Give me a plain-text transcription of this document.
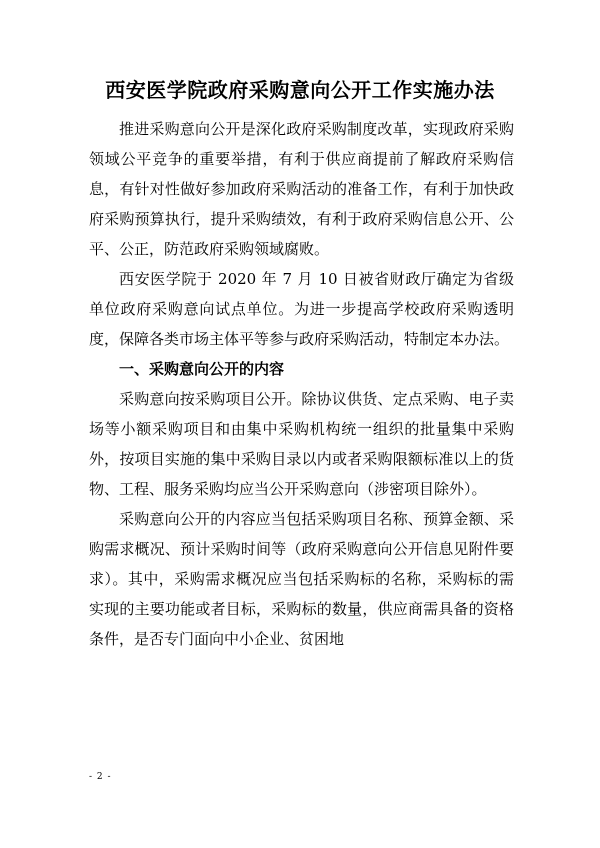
西安医学院政府采购意向公开工作实施办法

推进采购意向公开是深化政府采购制度改革，实现政府采购领域公平竞争的重要举措，有利于供应商提前了解政府采购信息，有针对性做好参加政府采购活动的准备工作，有利于加快政府采购预算执行，提升采购绩效，有利于政府采购信息公开、公平、公正，防范政府采购领域腐败。

西安医学院于 2020 年 7 月 10 日被省财政厅确定为省级单位政府采购意向试点单位。为进一步提高学校政府采购透明度，保障各类市场主体平等参与政府采购活动，特制定本办法。

一、采购意向公开的内容

采购意向按采购项目公开。除协议供货、定点采购、电子卖场等小额采购项目和由集中采购机构统一组织的批量集中采购外，按项目实施的集中采购目录以内或者采购限额标准以上的货物、工程、服务采购均应当公开采购意向（涉密项目除外）。

采购意向公开的内容应当包括采购项目名称、预算金额、采购需求概况、预计采购时间等（政府采购意向公开信息见附件要求）。其中，采购需求概况应当包括采购标的名称，采购标的需实现的主要功能或者目标，采购标的数量，供应商需具备的资格条件，是否专门面向中小企业、贫困地

- 2 -
